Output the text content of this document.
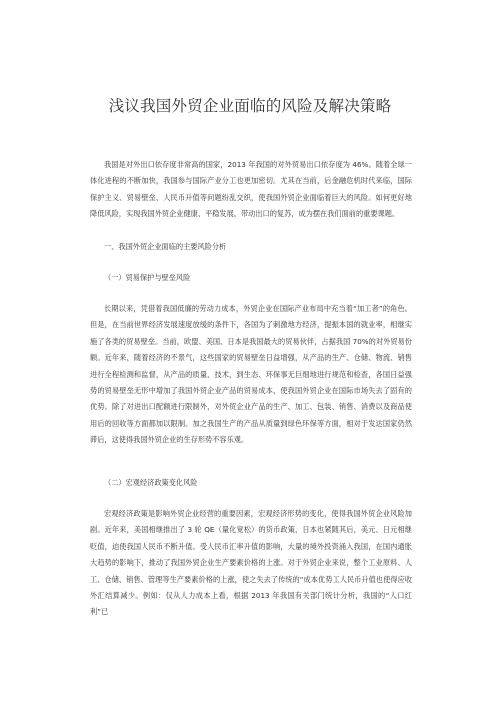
浅议我国外贸企业面临的风险及解决策略

我国是对外出口依存度非常高的国家，2013 年我国的对外贸易出口依存度为 46%。随着全球一体化进程的不断加快，我国参与国际产业分工也更加密切。尤其在当前，后金融危机时代来临，国际保护主义、贸易壁垒、人民币升值等问题纷乱交织，使我国外贸企业面临着巨大的风险。如何更好地降低风险，实现我国外贸企业健康、平稳发展，带动出口的复苏，成为摆在我们面前的重要课题。

一、我国外贸企业面临的主要风险分析

（一）贸易保护与壁垒风险

长期以来，凭借着我国低廉的劳动力成本，外贸企业在国际产业布局中充当着“加工者”的角色。但是，在当前世界经济发展速度放缓的条件下，各国为了刺激地方经济，提振本国的就业率，相继实施了各类的贸易壁垒。当前，欧盟、美国、日本是我国最大的贸易伙伴，占据我国 70%的对外贸易份额。近年来，随着经济的不景气，这些国家的贸易壁垒日益增强，从产品的生产、仓储、物流、销售进行全程检测和监督，从产品的质量、技术，到生态、环保事无巨细地进行规范和检查，各国日益强势的贸易壁垒无形中增加了我国外贸企业产品的贸易成本，使我国外贸企业在国际市场失去了固有的优势。除了对进出口配额进行限制外，对外贸企业产品的生产、加工、包装、销售、消费以及商品使用后的回收等方面都加以限制。加之我国生产的产品从质量到绿色环保等方面，相对于发达国家仍然滞后，这使得我国外贸企业的生存形势不容乐观。

（二）宏观经济政策变化风险

宏观经济政策是影响外贸企业经营的重要因素，宏观经济形势的变化，使得我国外贸企业风险加剧。近年来，美国相继推出了 3 轮 QE（量化宽松）的货币政策，日本也紧随其后，美元、日元相继贬值，迫使我国人民币不断升值。受人民币汇率升值的影响，大量的境外投资涌入我国，在国内通胀大趋势的影响下，推动了我国外贸企业生产要素价格的上涨。对于外贸企业来说，整个工业原料、人工、仓储、销售、管理等生产要素价格的上涨，使之失去了传统的“成本优势工人民币升值也使得应收外汇结算减少。例如：仅从人力成本上看，根据 2013 年我国有关部门统计分析，我国的“人口红利”已
